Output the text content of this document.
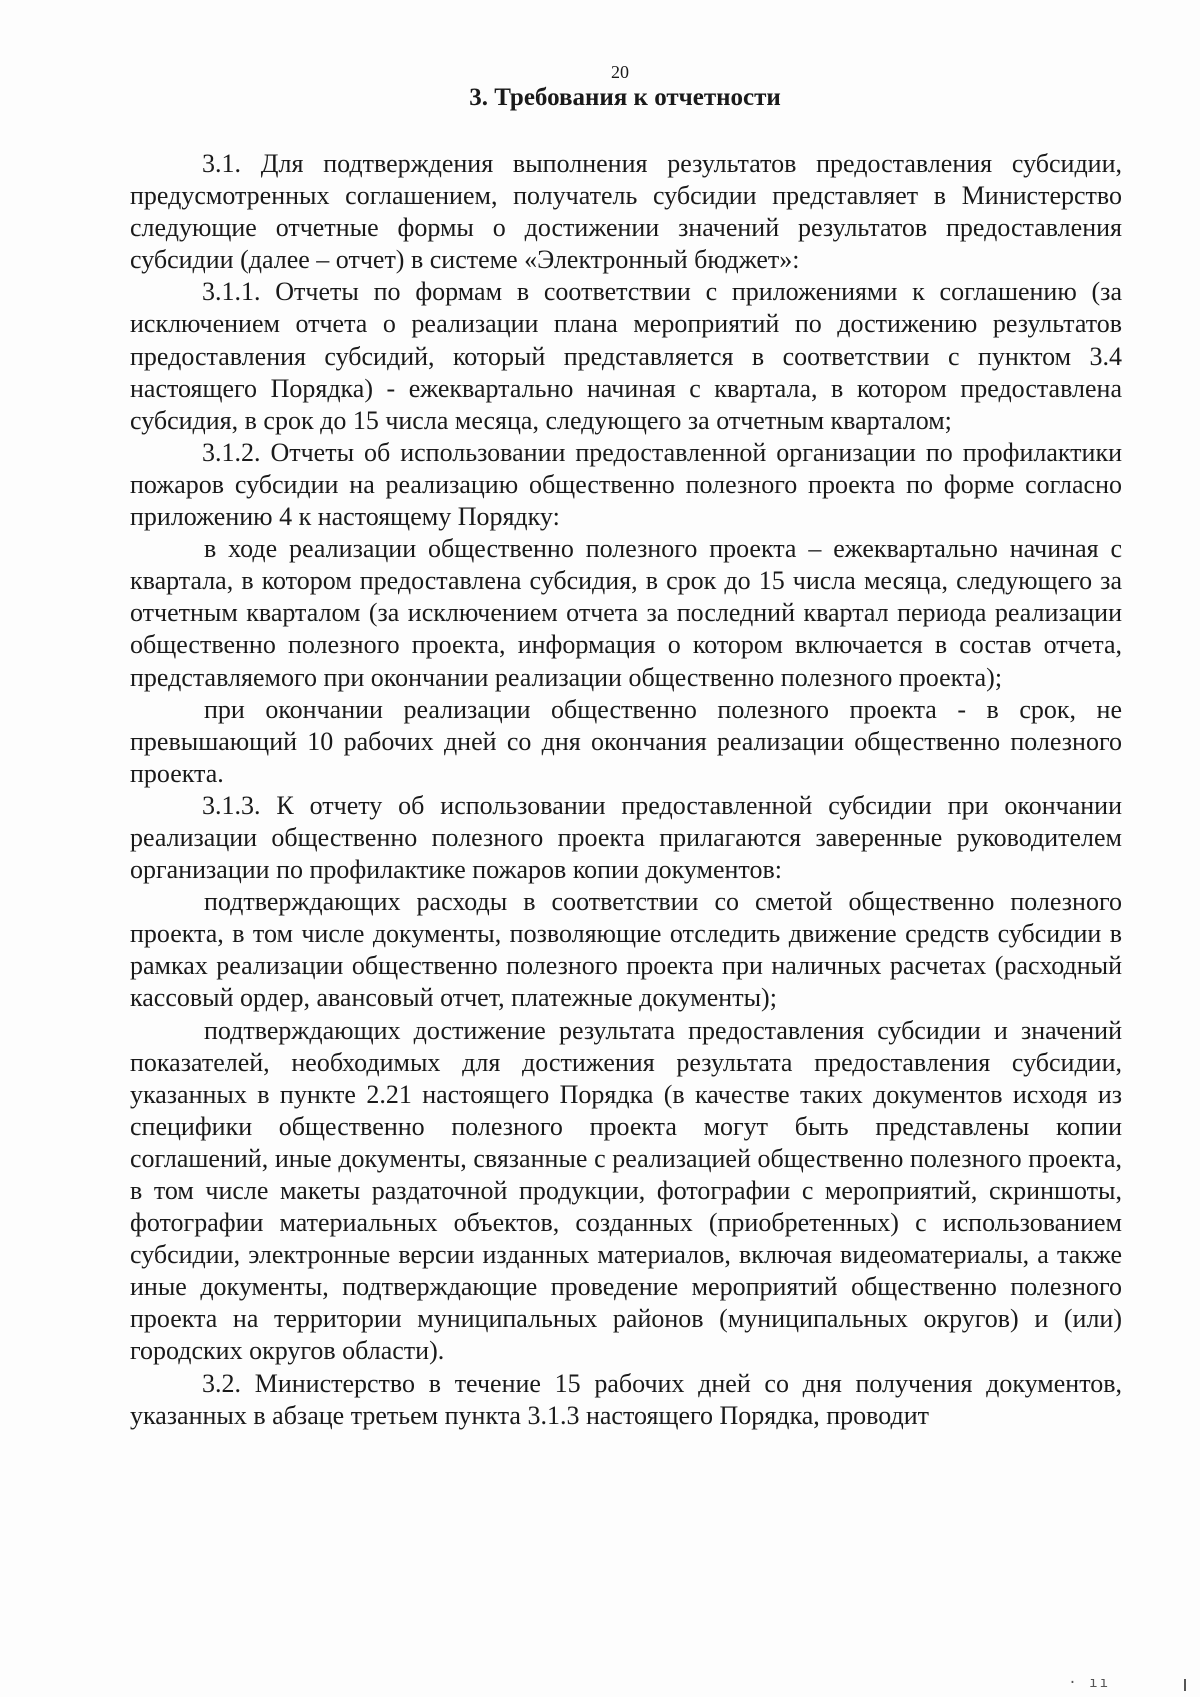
20
3. Требования к отчетности

3.1. Для подтверждения выполнения результатов предоставления субсидии, предусмотренных соглашением, получатель субсидии представляет в Министерство следующие отчетные формы о достижении значений результатов предоставления субсидии (далее – отчет) в системе «Электронный бюджет»:

3.1.1. Отчеты по формам в соответствии с приложениями к соглашению (за исключением отчета о реализации плана мероприятий по достижению результатов предоставления субсидий, который представляется в соответствии с пунктом 3.4 настоящего Порядка) - ежеквартально начиная с квартала, в котором предоставлена субсидия, в срок до 15 числа месяца, следующего за отчетным кварталом;

3.1.2. Отчеты об использовании предоставленной организации по профилактики пожаров субсидии на реализацию общественно полезного проекта по форме согласно приложению 4 к настоящему Порядку:

в ходе реализации общественно полезного проекта – ежеквартально начиная с квартала, в котором предоставлена субсидия, в срок до 15 числа месяца, следующего за отчетным кварталом (за исключением отчета за последний квартал периода реализации общественно полезного проекта, информация о котором включается в состав отчета, представляемого при окончании реализации общественно полезного проекта);

при окончании реализации общественно полезного проекта - в срок, не превышающий 10 рабочих дней со дня окончания реализации общественно полезного проекта.

3.1.3. К отчету об использовании предоставленной субсидии при окончании реализации общественно полезного проекта прилагаются заверенные руководителем организации по профилактике пожаров копии документов:

подтверждающих расходы в соответствии со сметой общественно полезного проекта, в том числе документы, позволяющие отследить движение средств субсидии в рамках реализации общественно полезного проекта при наличных расчетах (расходный кассовый ордер, авансовый отчет, платежные документы);

подтверждающих достижение результата предоставления субсидии и значений показателей, необходимых для достижения результата предоставления субсидии, указанных в пункте 2.21 настоящего Порядка (в качестве таких документов исходя из специфики общественно полезного проекта могут быть представлены копии соглашений, иные документы, связанные с реализацией общественно полезного проекта, в том числе макеты раздаточной продукции, фотографии с мероприятий, скриншоты, фотографии материальных объектов, созданных (приобретенных) с использованием субсидии, электронные версии изданных материалов, включая видеоматериалы, а также иные документы, подтверждающие проведение мероприятий общественно полезного проекта на территории муниципальных районов (муниципальных округов) и (или) городских округов области).

3.2. Министерство в течение 15 рабочих дней со дня получения документов, указанных в абзаце третьем пункта 3.1.3 настоящего Порядка, проводит

· ıı
